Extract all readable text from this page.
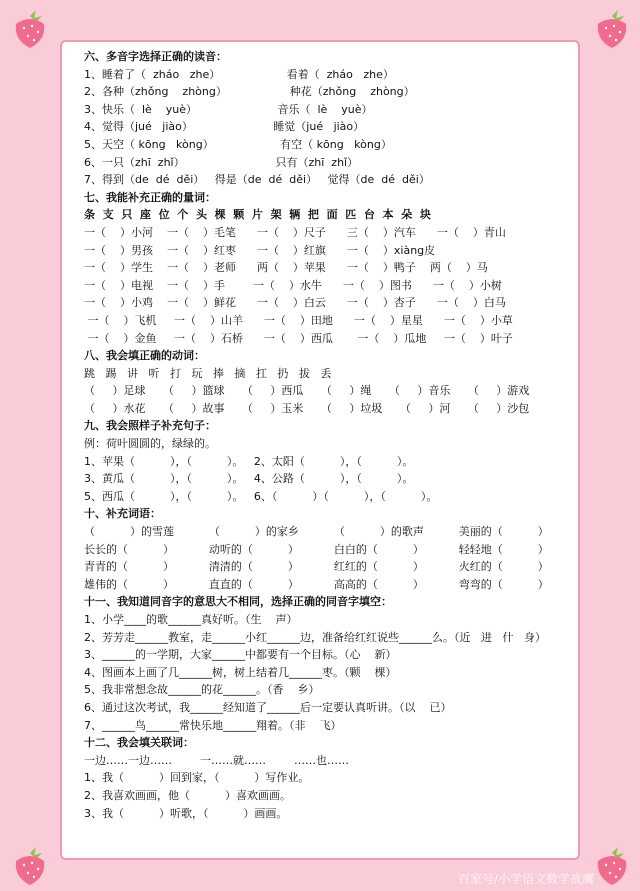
六、多音字选择正确的读音：
1、睡着了（  zháo   zhe）                   看着（  zháo   zhe）
2、各种（zhǒng    zhòng）                  种花（zhǒng    zhòng）
3、快乐（  lè    yuè）                       音乐（  lè    yuè）
4、觉得（jué   jiào）                       睡觉（jué   jiào）
5、天空（ kōng   kòng）                   有空（ kōng   kòng）
6、一只（zhī  zhǐ）                          只有（zhī  zhǐ）
7、得到（de  dé  děi）   得是（de  dé  děi）   觉得（de  dé  děi）
七、我能补充正确的量词：
条  支  只  座  位  个  头  棵  颗  片  架  辆  把  面  匹  台  本  朵  块
一（    ）小河    一（    ）毛笔      一（    ）尺子      三（    ）汽车      一（    ）青山
一（    ）男孩    一（    ）红枣      一（    ）红旗      一（    ）xiàng皮
一（    ）学生    一（    ）老师      两（    ）苹果      一（    ）鸭子    两（    ）马
一（    ）电视    一（    ）手        一（    ）水牛      一（    ）图书      一（    ）小树
一（    ）小鸡    一（    ）鲜花      一（    ）白云      一（    ）杏子      一（    ）白马
一（    ）飞机     一（    ）山羊      一（    ）田地      一（    ）星星      一（    ）小草
一（    ）金鱼     一（    ）石桥      一（    ）西瓜       一（    ）瓜地     一（    ）叶子
八、我会填正确的动词：
跳   踢   讲   听   打   玩   捧   摘   扛   扔   拔   丢
（     ）足球     （     ）篮球     （     ）西瓜     （     ）绳     （     ）音乐     （     ）游戏
（     ）水花     （     ）故事     （     ）玉米     （     ）垃圾     （     ）河     （     ）沙包
九、我会照样子补充句子：
例：荷叶圆圆的，绿绿的。
1、苹果（          ），（          ）。   2、太阳（          ），（          ）。
3、黄瓜（          ），（          ）。   4、公路（          ），（          ）。
5、西瓜（          ），（          ）。   6、（          ）（          ），（          ）。
十、补充词语：
（          ）的雪莲          （          ）的家乡          （          ）的歌声          美丽的（          ）
长长的（          ）          动听的（          ）          白白的（          ）          轻轻地（          ）
青青的（          ）          清清的（          ）          红红的（          ）          火红的（          ）
雄伟的（          ）          直直的（          ）          高高的（          ）          弯弯的（          ）
十一、我知道同音字的意思大不相同，选择正确的同音字填空：
1、小学____的歌______真好听。（生    声）
2、芳芳走______教室，走______小红______边，准备给红红说些______么。（近   进   什   身）
3、______的一学期，大家______中都要有一个目标。（心    新）
4、图画本上画了几______树，树上结着几______枣。（颗    棵）
5、我非常想念故______的花______。（香    乡）
6、通过这次考试，我______经知道了______后一定要认真听讲。（以    已）
7、______鸟______常快乐地______翔着。（非    飞）
十二、我会填关联词：
一边……一边……        一……就……        ……也……
1、我（          ）回到家，（          ）写作业。
2、我喜欢画画，他（          ）喜欢画画。
3、我（          ）听歌，（          ）画画。
百家号/小学语文数学战鹰
